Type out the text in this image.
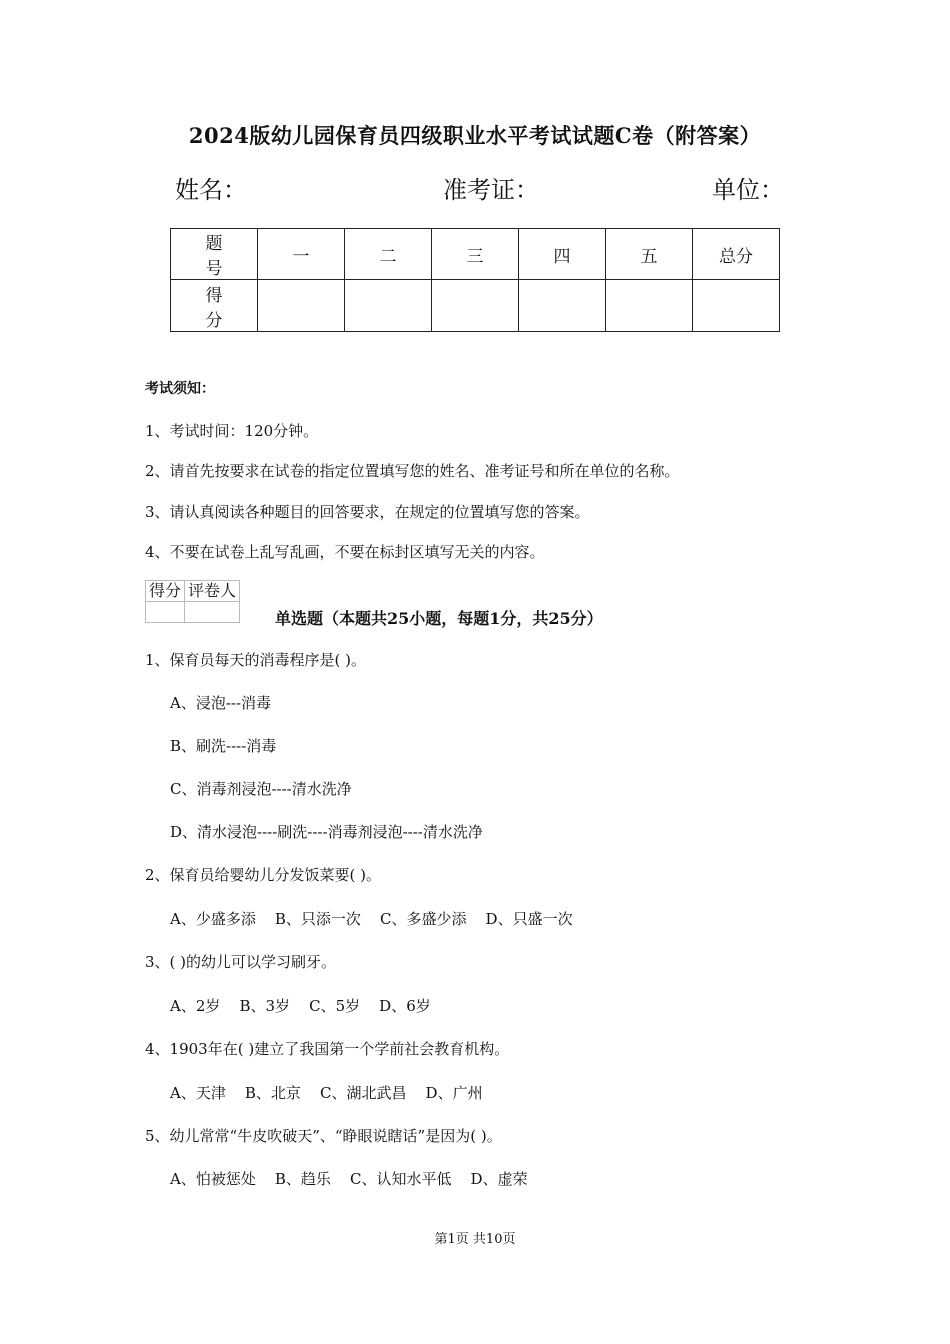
2024版幼儿园保育员四级职业水平考试试题C卷（附答案）
姓名：	准考证：	单位：
题 号	一	二	三	四	五	总分
得 分						
考试须知：
1、考试时间：120分钟。
2、请首先按要求在试卷的指定位置填写您的姓名、准考证号和所在单位的名称。
3、请认真阅读各种题目的回答要求，在规定的位置填写您的答案。
4、不要在试卷上乱写乱画，不要在标封区填写无关的内容。
得分	评卷人

单选题（本题共25小题，每题1分，共25分）
1、保育员每天的消毒程序是( )。
A、浸泡---消毒
B、刷洗----消毒
C、消毒剂浸泡----清水洗净
D、清水浸泡----刷洗----消毒剂浸泡----清水洗净
2、保育员给婴幼儿分发饭菜要( )。
A、少盛多添    B、只添一次    C、多盛少添    D、只盛一次
3、( )的幼儿可以学习刷牙。
A、2岁    B、3岁    C、5岁    D、6岁
4、1903年在( )建立了我国第一个学前社会教育机构。
A、天津    B、北京    C、湖北武昌    D、广州
5、幼儿常常“牛皮吹破天”、“睁眼说瞎话”是因为( )。
A、怕被惩处    B、趋乐    C、认知水平低    D、虚荣
第1页 共10页
